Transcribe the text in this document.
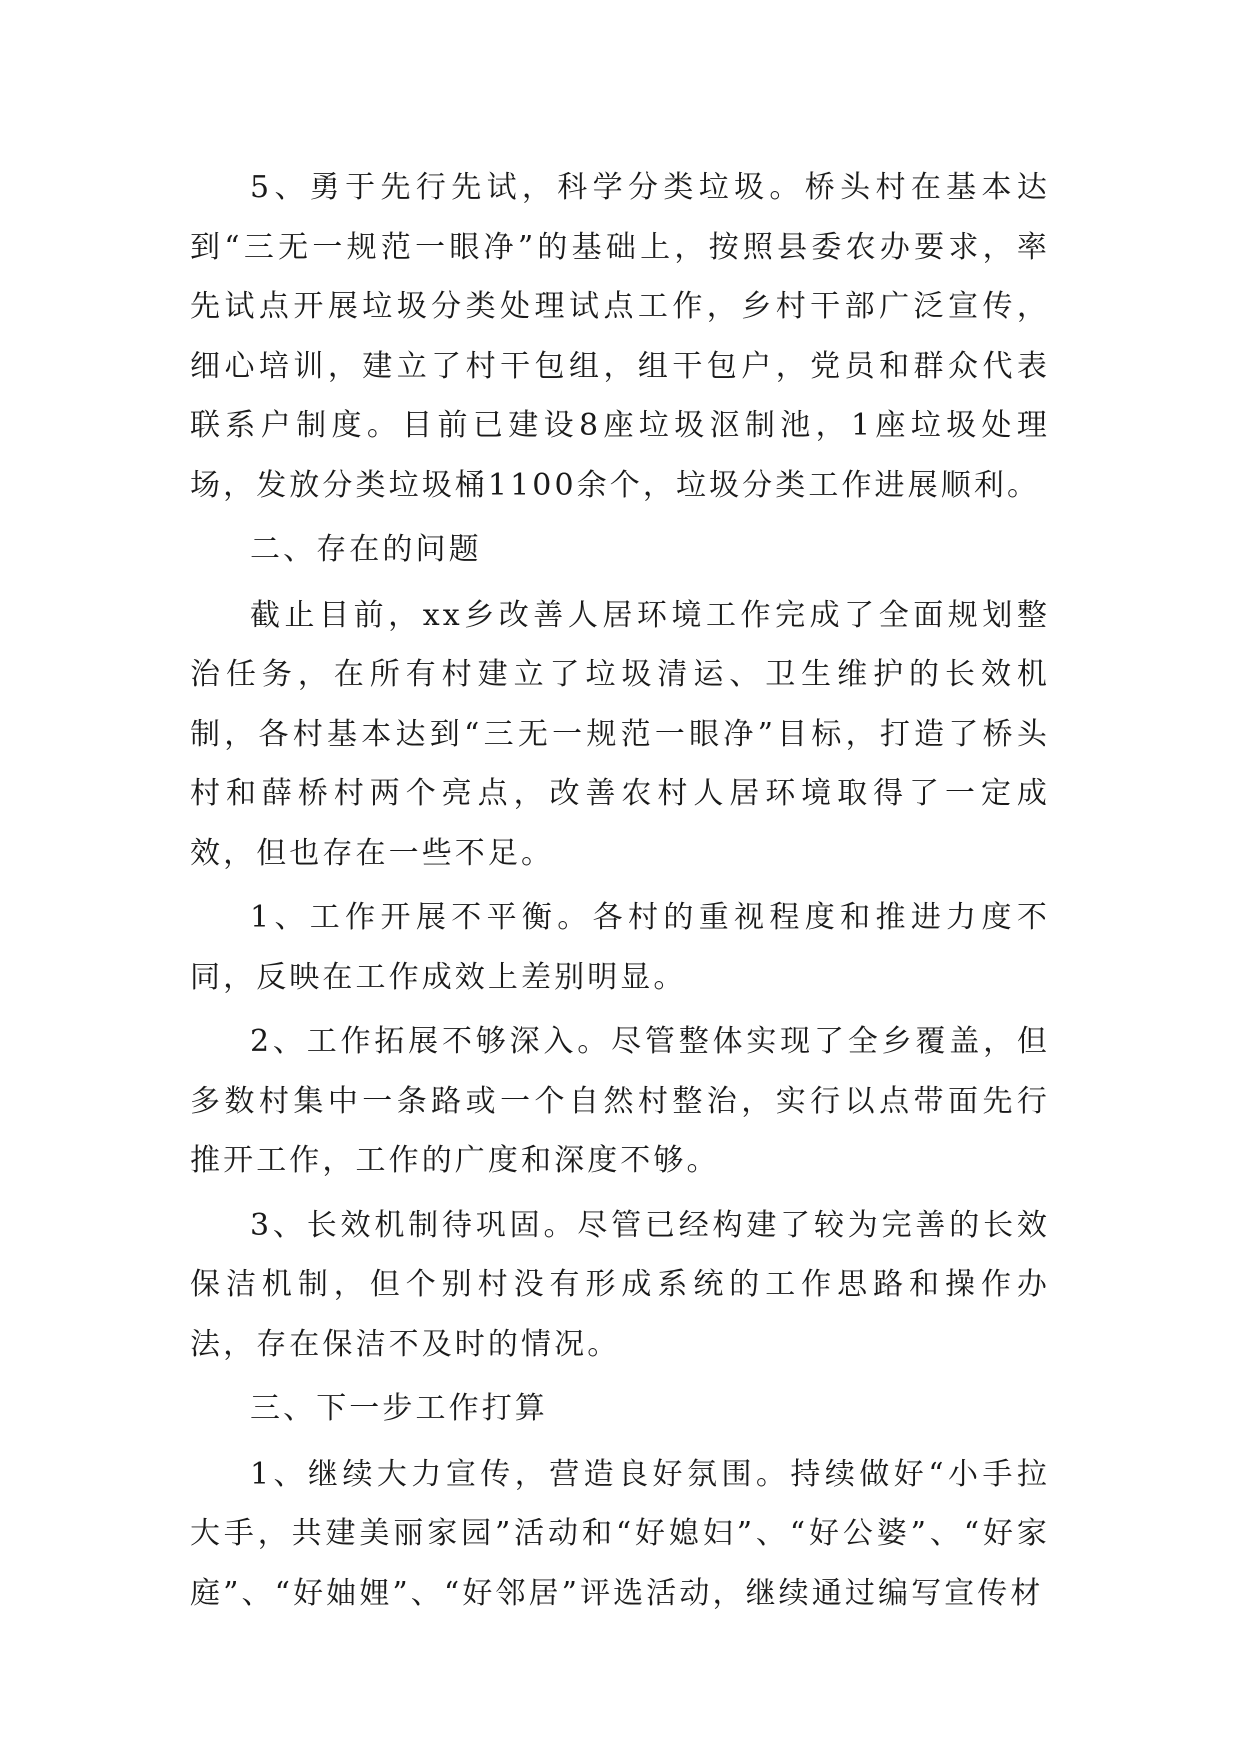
5、勇于先行先试，科学分类垃圾。桥头村在基本达到“三无一规范一眼净”的基础上，按照县委农办要求，率先试点开展垃圾分类处理试点工作，乡村干部广泛宣传，细心培训，建立了村干包组，组干包户，党员和群众代表联系户制度。目前已建设8座垃圾沤制池，1座垃圾处理场，发放分类垃圾桶1100余个，垃圾分类工作进展顺利。

二、存在的问题

截止目前，xx乡改善人居环境工作完成了全面规划整治任务，在所有村建立了垃圾清运、卫生维护的长效机制，各村基本达到“三无一规范一眼净”目标，打造了桥头村和薛桥村两个亮点，改善农村人居环境取得了一定成效，但也存在一些不足。

1、工作开展不平衡。各村的重视程度和推进力度不同，反映在工作成效上差别明显。

2、工作拓展不够深入。尽管整体实现了全乡覆盖，但多数村集中一条路或一个自然村整治，实行以点带面先行推开工作，工作的广度和深度不够。

3、长效机制待巩固。尽管已经构建了较为完善的长效保洁机制，但个别村没有形成系统的工作思路和操作办法，存在保洁不及时的情况。

三、下一步工作打算

1、继续大力宣传，营造良好氛围。持续做好“小手拉大手，共建美丽家园”活动和“好媳妇”、“好公婆”、“好家庭”、“好妯娌”、“好邻居”评选活动，继续通过编写宣传材
